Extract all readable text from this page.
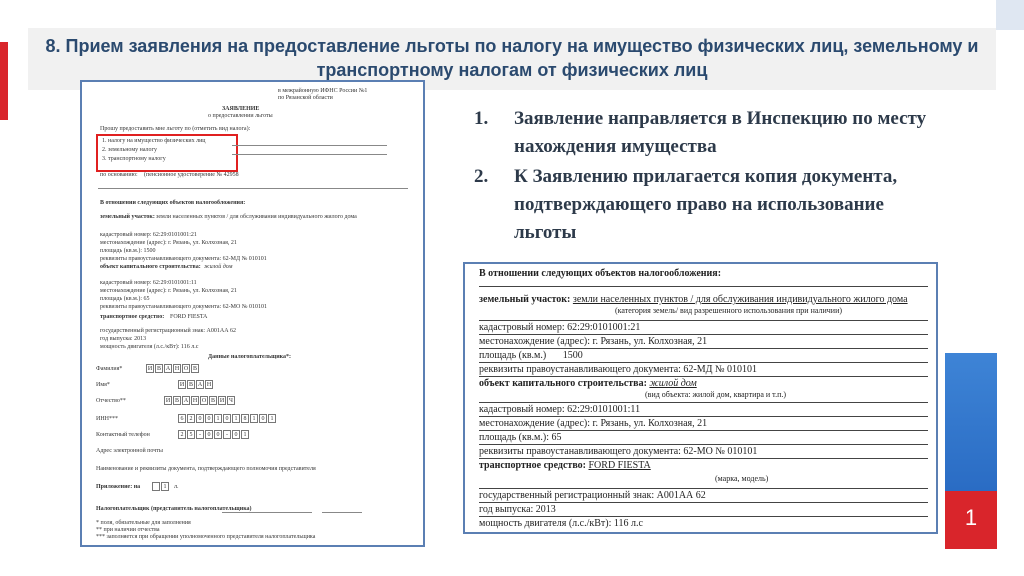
8. Прием заявления на предоставление льготы по налогу на имущество физических лиц, земельному и транспортному налогам от физических лиц
в межрайонную ИФНС России №1
по Рязанской области
ЗАЯВЛЕНИЕ
о предоставлении льготы
Прошу предоставить мне льготу по (отметить вид налога):
1. налогу на имущество физических лиц
2. земельному налогу
3. транспортному налогу
по основанию: (пенсионное удостоверение № 42958
В отношении следующих объектов налогообложения:
земельный участок: земли населенных пунктов / для обслуживания индивидуального жилого дома
кадастровый номер: 62:29:0101001:21
местонахождение (адрес): г. Рязань, ул. Колхозная, 21
площадь (кв.м.): 1500
реквизиты правоустанавливающего документа: 62-МД № 010101
объект капитального строительства: жилой дом
кадастровый номер: 62:29:0101001:11
местонахождение (адрес): г. Рязань, ул. Колхозная, 21
площадь (кв.м.): 65
реквизиты правоустанавливающего документа: 62-МО № 010101
транспортное средство: FORD FIESTA
государственный регистрационный знак: А001АА 62
год выпуска: 2013
мощность двигателя (л.с./кВт): 116 л.с
Данные налогоплательщика*:
Фамилия*	И В А Н О В
Имя*	И В А Н
Отчество**	И В А Н О В И Ч
ИНН***	6	2	0	0	1	0	1	8	1	0	1
Контактный телефон	2	5	-	0	0	-	0	1
Адрес электронной почты
Наименование и реквизиты документа, подтверждающего полномочия представителя
Приложение: на	1	л.
Налогоплательщик (представитель налогоплательщика)
* поля, обязательные для заполнения
** при наличии отчества
*** заполняется при обращении уполномоченного представителя налогоплательщика
1.	Заявление направляется в Инспекцию по месту нахождения имущества
2.	К Заявлению прилагается копия документа, подтверждающего право на использование льготы
В отношении следующих объектов налогообложения:
земельный участок: земли населенных пунктов / для обслуживания индивидуального жилого дома
(категория земель/ вид разрешенного использования при наличии)
кадастровый номер: 62:29:0101001:21
местонахождение (адрес): г. Рязань, ул. Колхозная, 21
площадь (кв.м.) 1500
реквизиты правоустанавливающего документа: 62-МД № 010101
объект капитального строительства: жилой дом
(вид объекта: жилой дом, квартира и т.п.)
кадастровый номер: 62:29:0101001:11
местонахождение (адрес): г. Рязань, ул. Колхозная, 21
площадь (кв.м.): 65
реквизиты правоустанавливающего документа: 62-МО № 010101
транспортное средство: FORD FIESTA
(марка, модель)
государственный регистрационный знак: А001АА 62
год выпуска: 2013
мощность двигателя (л.с./кВт): 116 л.с	1
